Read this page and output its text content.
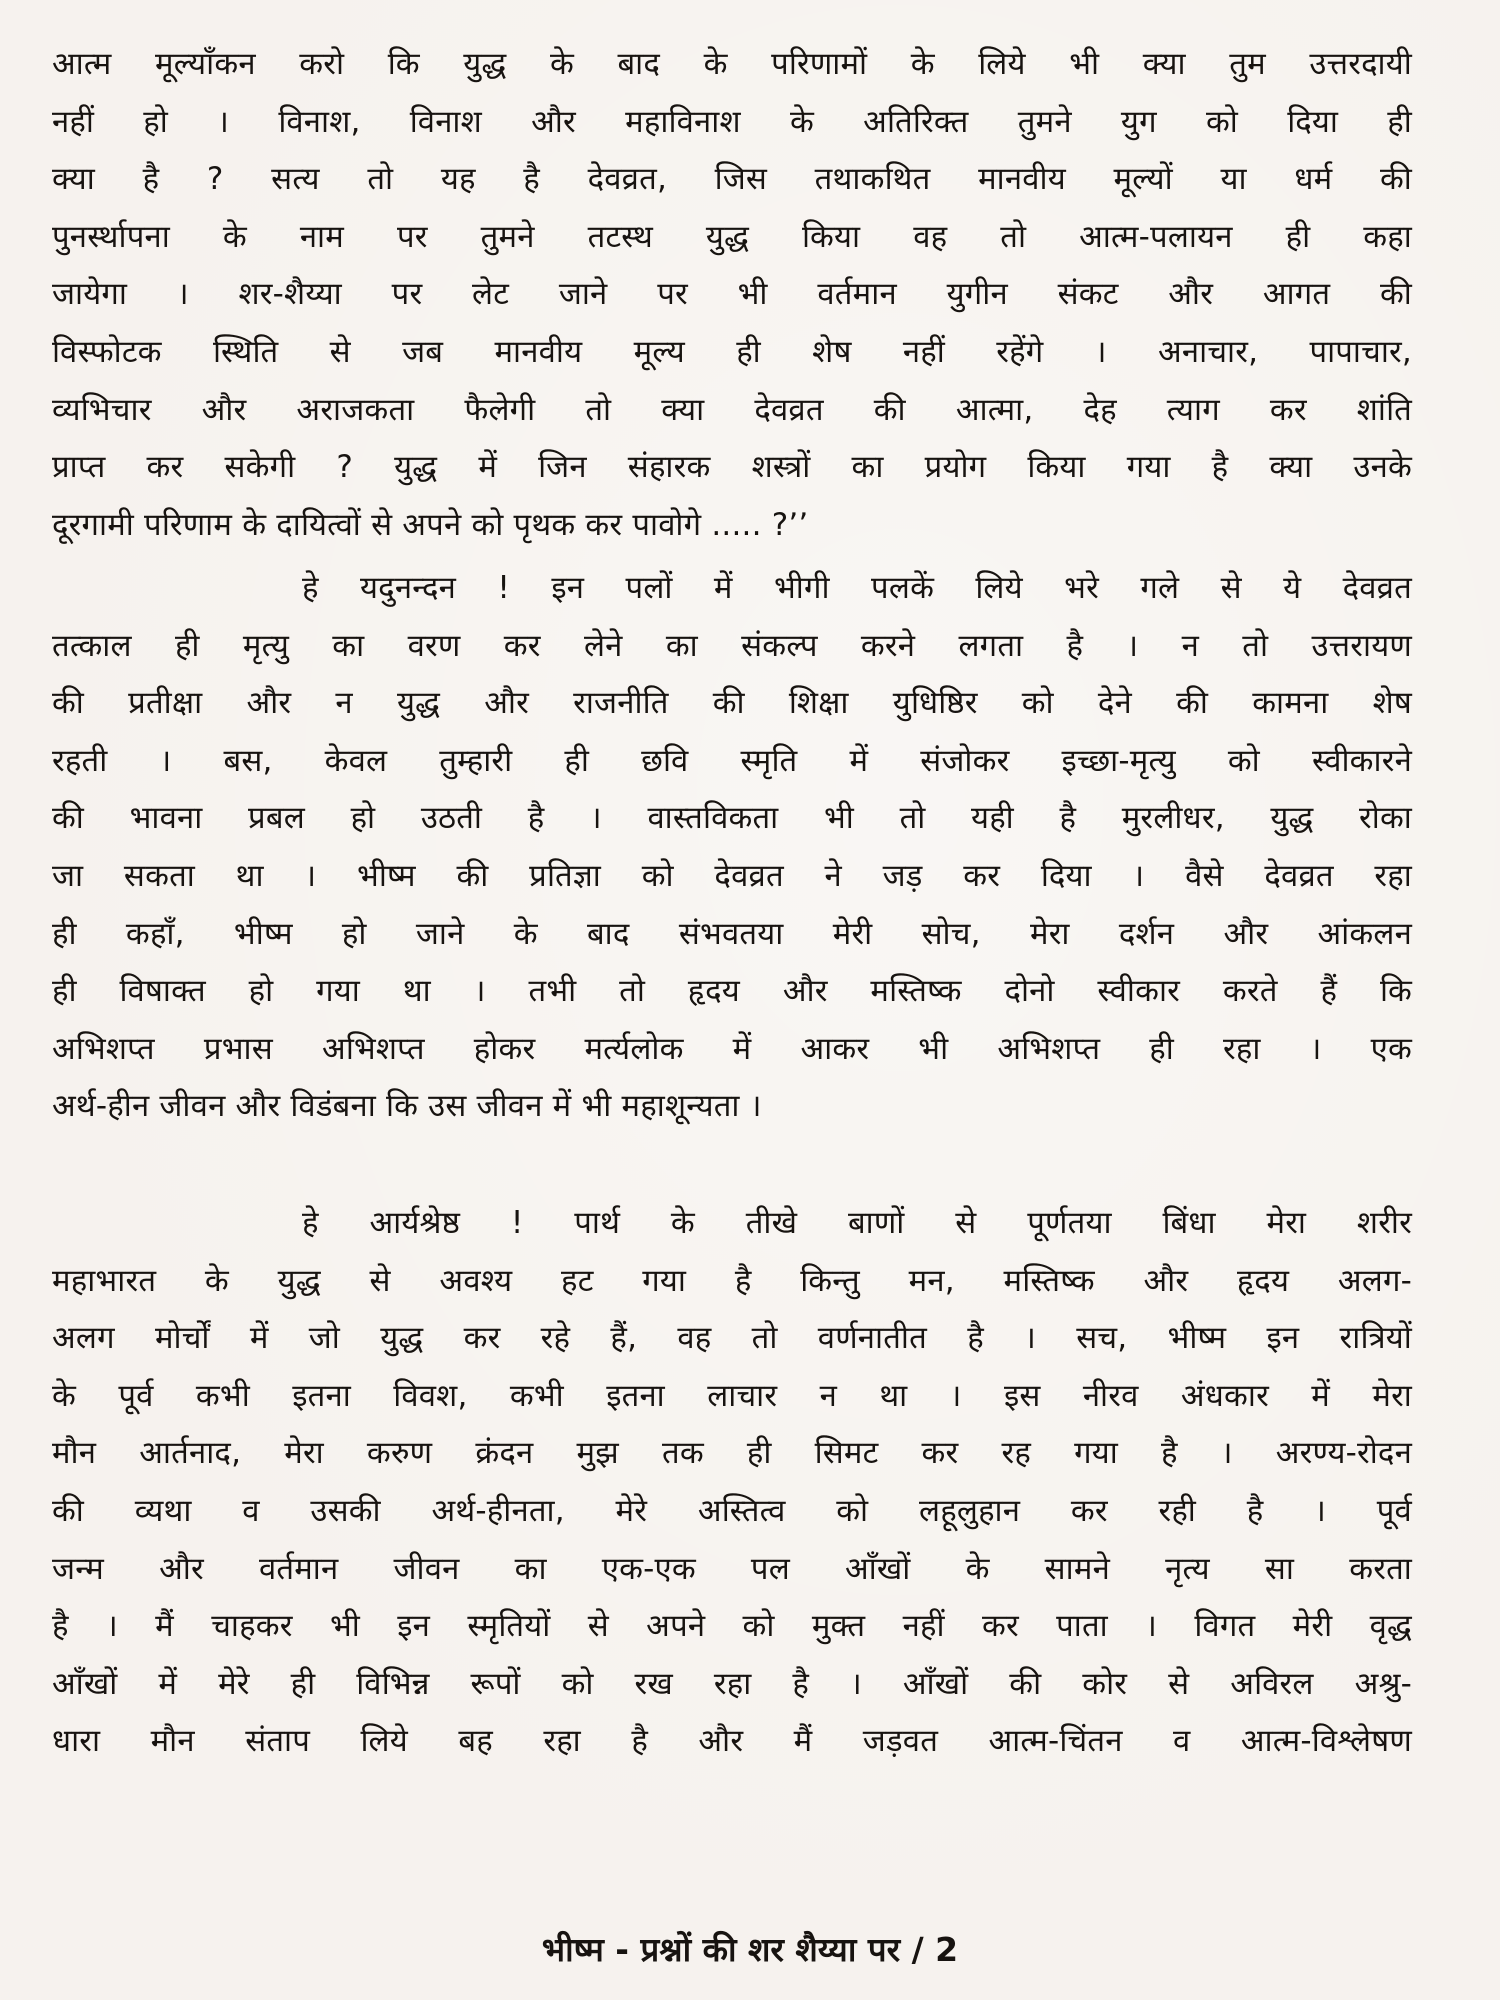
आत्म मूल्याँकन करो कि युद्ध के बाद के परिणामों के लिये भी क्या तुम उत्तरदायी
नहीं हो । विनाश, विनाश और महाविनाश के अतिरिक्त तुमने युग को दिया ही
क्या है ? सत्य तो यह है देवव्रत, जिस तथाकथित मानवीय मूल्यों या धर्म की
पुनर्स्थापना के नाम पर तुमने तटस्थ युद्ध किया वह तो आत्म-पलायन ही कहा
जायेगा । शर-शैय्या पर लेट जाने पर भी वर्तमान युगीन संकट और आगत की
विस्फोटक स्थिति से जब मानवीय मूल्य ही शेष नहीं रहेंगे । अनाचार, पापाचार,
व्यभिचार और अराजकता फैलेगी तो क्या देवव्रत की आत्मा, देह त्याग कर शांति
प्राप्त कर सकेगी ? युद्ध में जिन संहारक शस्त्रों का प्रयोग किया गया है क्या उनके
दूरगामी परिणाम के दायित्वों से अपने को पृथक कर पावोगे ..... ?’’
हे यदुनन्दन ! इन पलों में भीगी पलकें लिये भरे गले से ये देवव्रत
तत्काल ही मृत्यु का वरण कर लेने का संकल्प करने लगता है । न तो उत्तरायण
की प्रतीक्षा और न युद्ध और राजनीति की शिक्षा युधिष्ठिर को देने की कामना शेष
रहती । बस, केवल तुम्हारी ही छवि स्मृति में संजोकर इच्छा-मृत्यु को स्वीकारने
की भावना प्रबल हो उठती है । वास्तविकता भी तो यही है मुरलीधर, युद्ध रोका
जा सकता था । भीष्म की प्रतिज्ञा को देवव्रत ने जड़ कर दिया । वैसे देवव्रत रहा
ही कहाँ, भीष्म हो जाने के बाद संभवतया मेरी सोच, मेरा दर्शन और आंकलन
ही विषाक्त हो गया था । तभी तो हृदय और मस्तिष्क दोनो स्वीकार करते हैं कि
अभिशप्त प्रभास अभिशप्त होकर मर्त्यलोक में आकर भी अभिशप्त ही रहा । एक
अर्थ-हीन जीवन और विडंबना कि उस जीवन में भी महाशून्यता ।
हे आर्यश्रेष्ठ ! पार्थ के तीखे बाणों से पूर्णतया बिंधा मेरा शरीर
महाभारत के युद्ध से अवश्य हट गया है किन्तु मन, मस्तिष्क और हृदय अलग-
अलग मोर्चों में जो युद्ध कर रहे हैं, वह तो वर्णनातीत है । सच, भीष्म इन रात्रियों
के पूर्व कभी इतना विवश, कभी इतना लाचार न था । इस नीरव अंधकार में मेरा
मौन आर्तनाद, मेरा करुण क्रंदन मुझ तक ही सिमट कर रह गया है । अरण्य-रोदन
की व्यथा व उसकी अर्थ-हीनता, मेरे अस्तित्व को लहूलुहान कर रही है । पूर्व
जन्म और वर्तमान जीवन का एक-एक पल आँखों के सामने नृत्य सा करता
है । मैं चाहकर भी इन स्मृतियों से अपने को मुक्त नहीं कर पाता । विगत मेरी वृद्ध
आँखों में मेरे ही विभिन्न रूपों को रख रहा है । आँखों की कोर से अविरल अश्रु-
धारा मौन संताप लिये बह रहा है और मैं जड़वत आत्म-चिंतन व आत्म-विश्लेषण
भीष्म - प्रश्नों की शर शैय्या पर / 2
